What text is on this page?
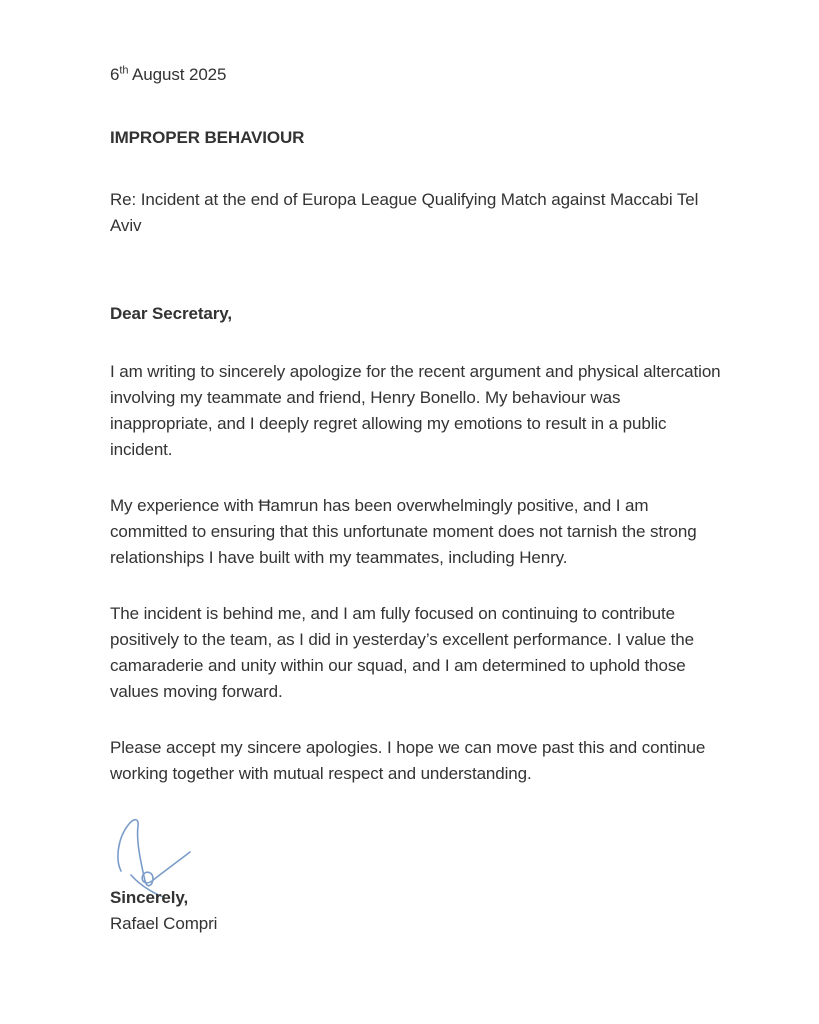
6th August 2025

IMPROPER BEHAVIOUR

Re: Incident at the end of Europa League Qualifying Match against Maccabi Tel Aviv

Dear Secretary,

I am writing to sincerely apologize for the recent argument and physical altercation involving my teammate and friend, Henry Bonello. My behaviour was inappropriate, and I deeply regret allowing my emotions to result in a public incident.

My experience with Ħamrun has been overwhelmingly positive, and I am committed to ensuring that this unfortunate moment does not tarnish the strong relationships I have built with my teammates, including Henry.

The incident is behind me, and I am fully focused on continuing to contribute positively to the team, as I did in yesterday’s excellent performance. I value the camaraderie and unity within our squad, and I am determined to uphold those values moving forward.

Please accept my sincere apologies. I hope we can move past this and continue working together with mutual respect and understanding.

Sincerely,

Rafael Compri
